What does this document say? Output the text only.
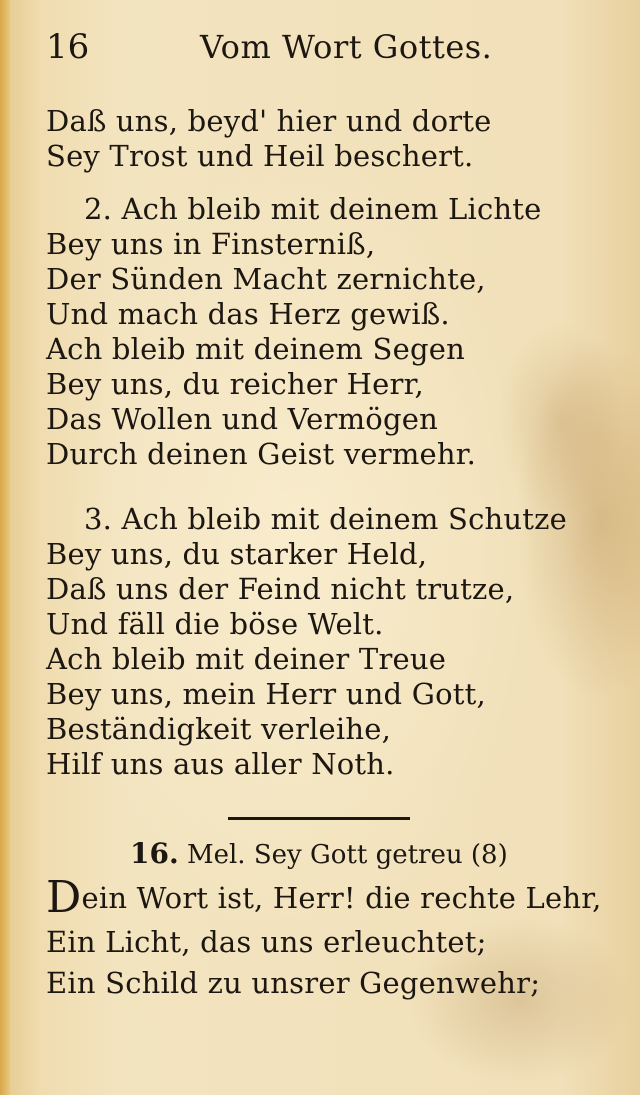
16	Vom Wort Gottes.
Daß uns, beyd' hier und dorte
Sey Trost und Heil beschert.
2. Ach bleib mit deinem Lichte
Bey uns in Finsterniß,
Der Sünden Macht zernichte,
Und mach das Herz gewiß.
Ach bleib mit deinem Segen
Bey uns, du reicher Herr,
Das Wollen und Vermögen
Durch deinen Geist vermehr.
3. Ach bleib mit deinem Schutze
Bey uns, du starker Held,
Daß uns der Feind nicht trutze,
Und fäll die böse Welt.
Ach bleib mit deiner Treue
Bey uns, mein Herr und Gott,
Beständigkeit verleihe,
Hilf uns aus aller Noth.
16. Mel. Sey Gott getreu (8)
Dein Wort ist, Herr! die rechte Lehr,
Ein Licht, das uns erleuchtet;
Ein Schild zu unsrer Gegenwehr;
